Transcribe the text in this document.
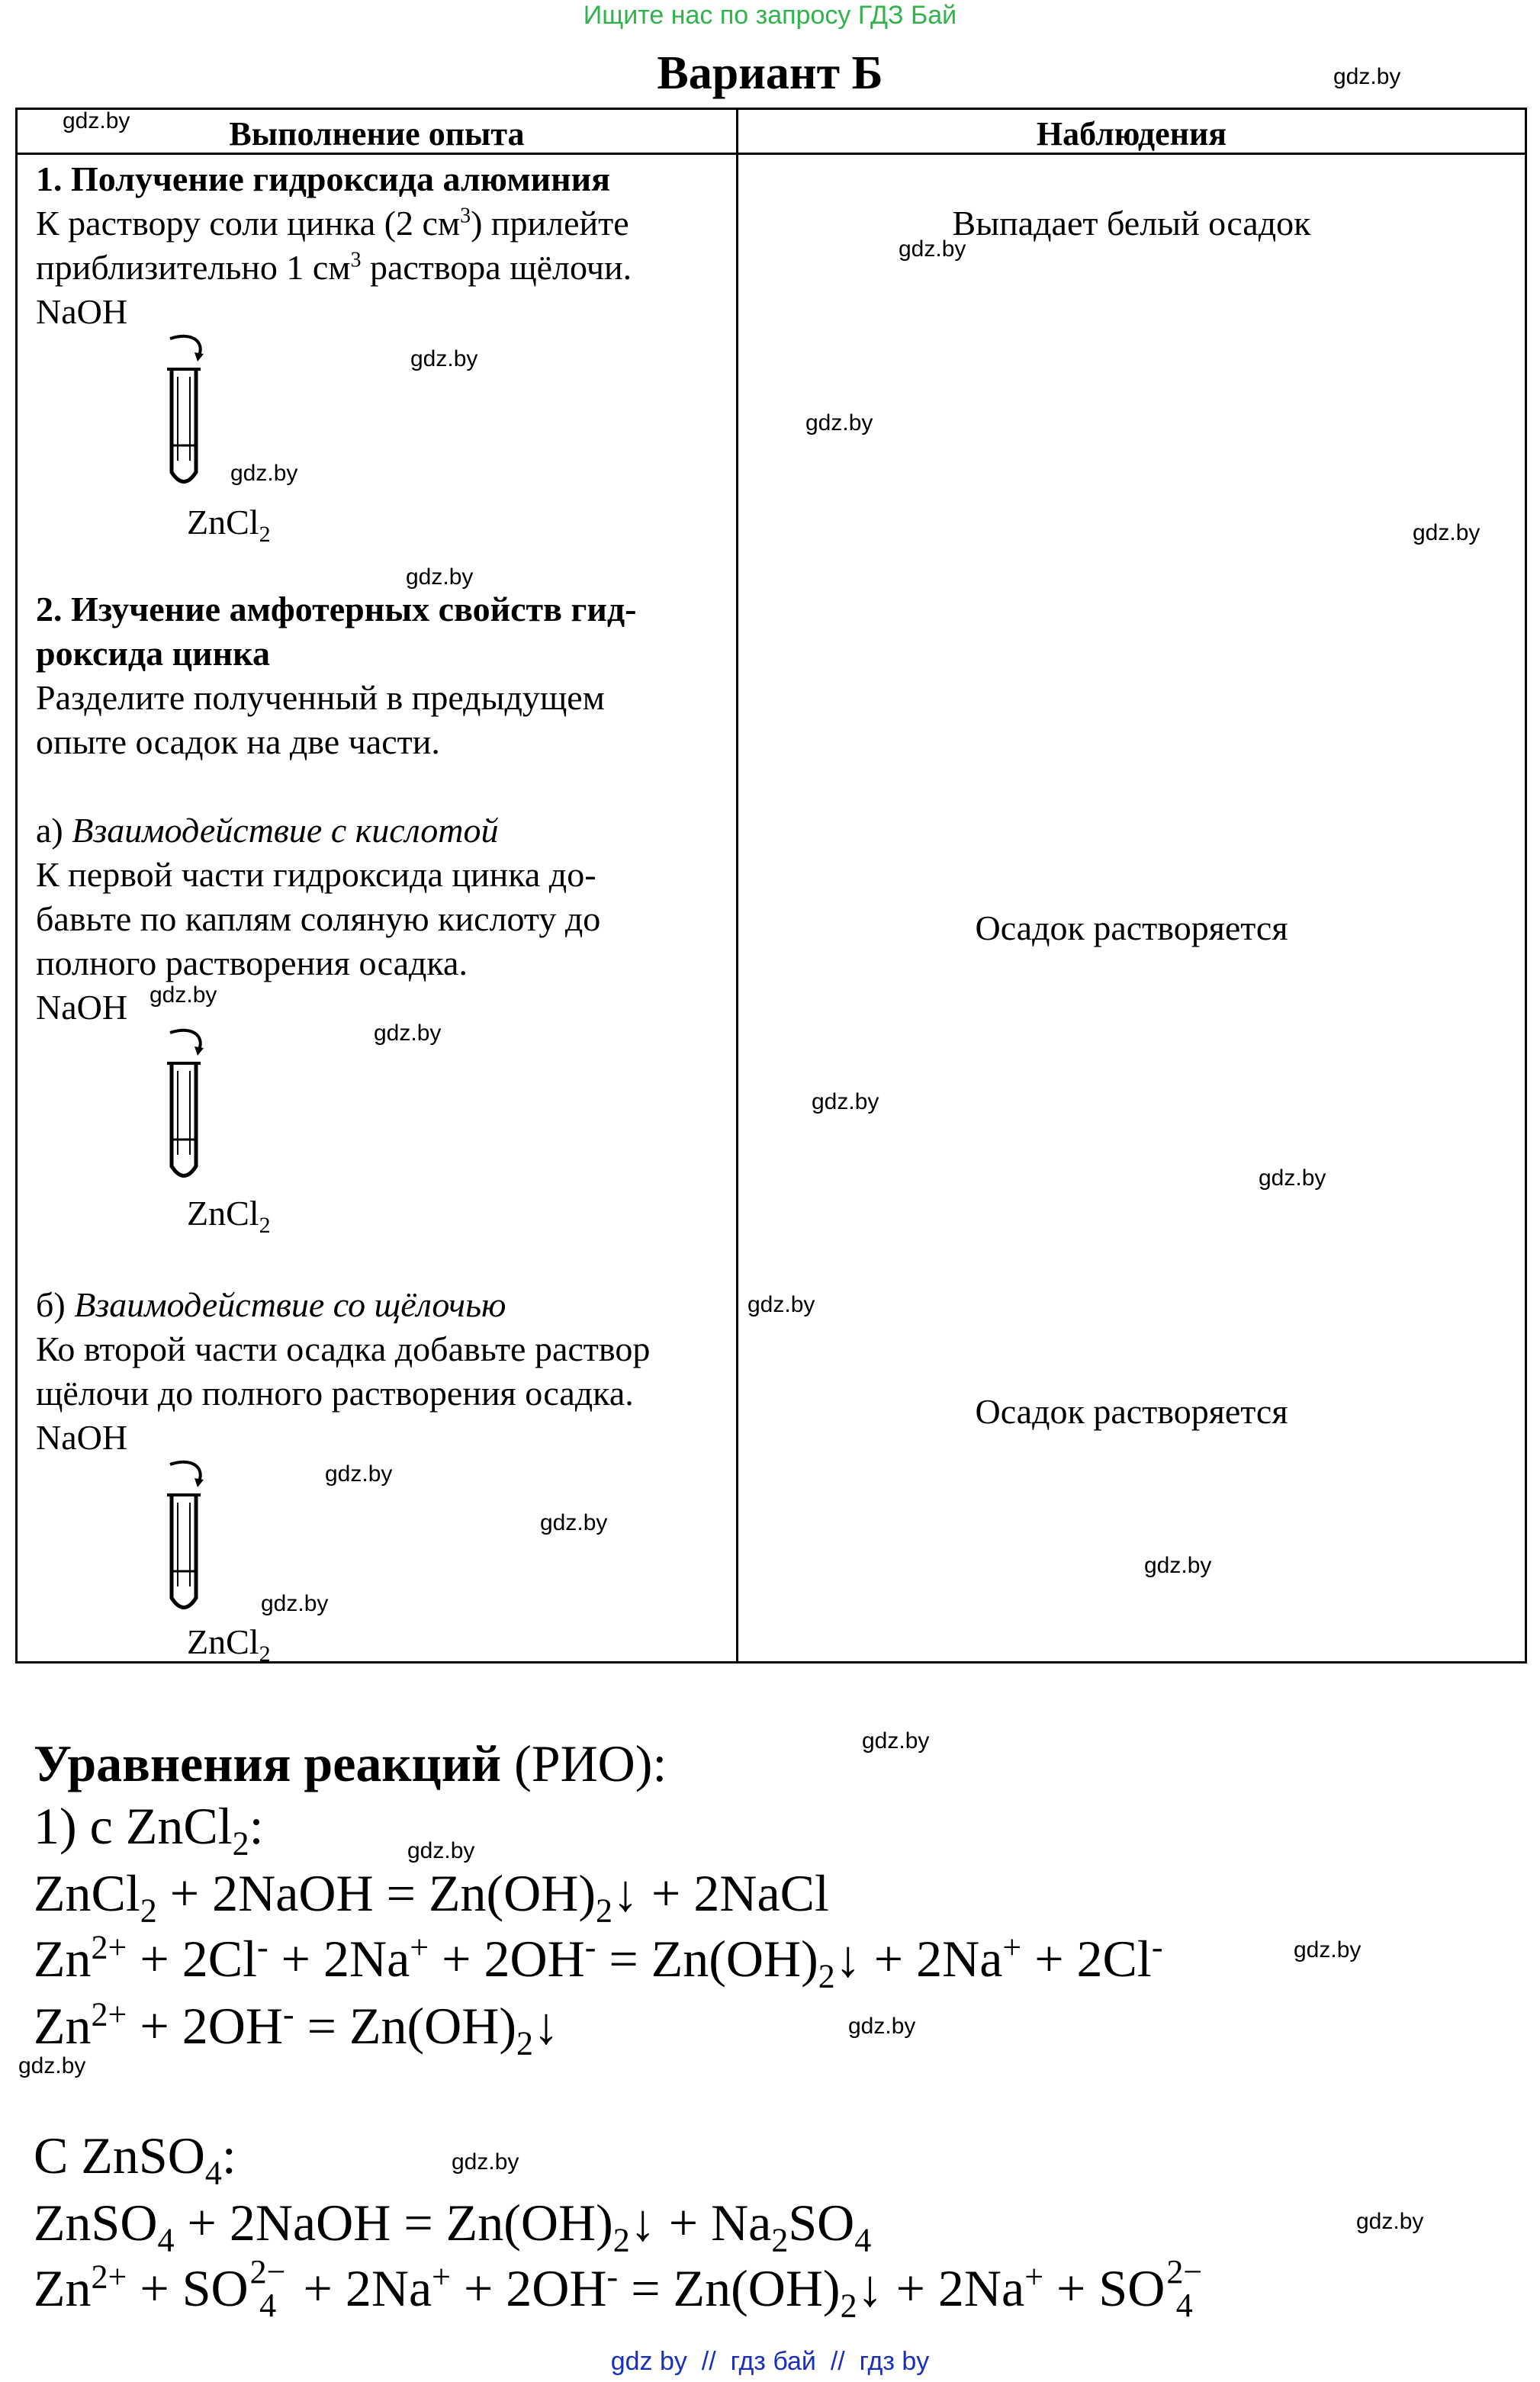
Ищите нас по запросу ГДЗ Бай
Вариант Б
Выполнение опыта	Наблюдения
1. Получение гидроксида алюминия
К раствору соли цинка (2 $см^3$) прилейте
приблизительно 1 $см^3$ раствора щёлочи.
NaOH
ZnCl$_2$
Выпадает белый осадок
2. Изучение амфотерных свойств гид-
роксида цинка
Разделите полученный в предыдущем
опыте осадок на две части.
а) Взаимодействие с кислотой
К первой части гидроксида цинка до-
бавьте по каплям соляную кислоту до
полного растворения осадка.
NaOH
ZnCl$_2$
Осадок растворяется
б) Взаимодействие со щёлочью
Ко второй части осадка добавьте раствор
щёлочи до полного растворения осадка.
NaOH
ZnCl$_2$
Осадок растворяется
Уравнения реакций (РИО):
1) с ZnCl$_2$:
ZnCl$_2$ + 2NaOH = $Zn(OH)_2↓$ + 2NaCl
$Zn^{2+} + 2Cl^- + 2Na^+ + 2OH^-$ = $Zn(OH)_2↓ + 2Na^+ + 2Cl^-$
$Zn^{2+} + 2OH^-$ = $Zn(OH)_2↓$
С ZnSO$_4$:
ZnSO$_4$ + 2NaOH = $Zn(OH)_2↓ + Na_2SO_4$
$Zn^{2+}$ + SO 2−
$4 + 2Na^+ + 2OH^- = Zn(OH)_2↓ + 2Na^+$ + SO 2−
4
gdz.by
gdz.by
gdz.by
gdz.by
gdz.by
gdz.by
gdz.by
gdz.by
gdz.by
gdz.by
gdz.by
gdz.by
gdz.by
gdz.by
gdz.by
gdz.by
gdz.by
gdz.by
gdz.by
gdz.by
gdz.by
gdz.by
gdz.by
gdz.by
gdz by  //  гдз бай  //  гдз by
